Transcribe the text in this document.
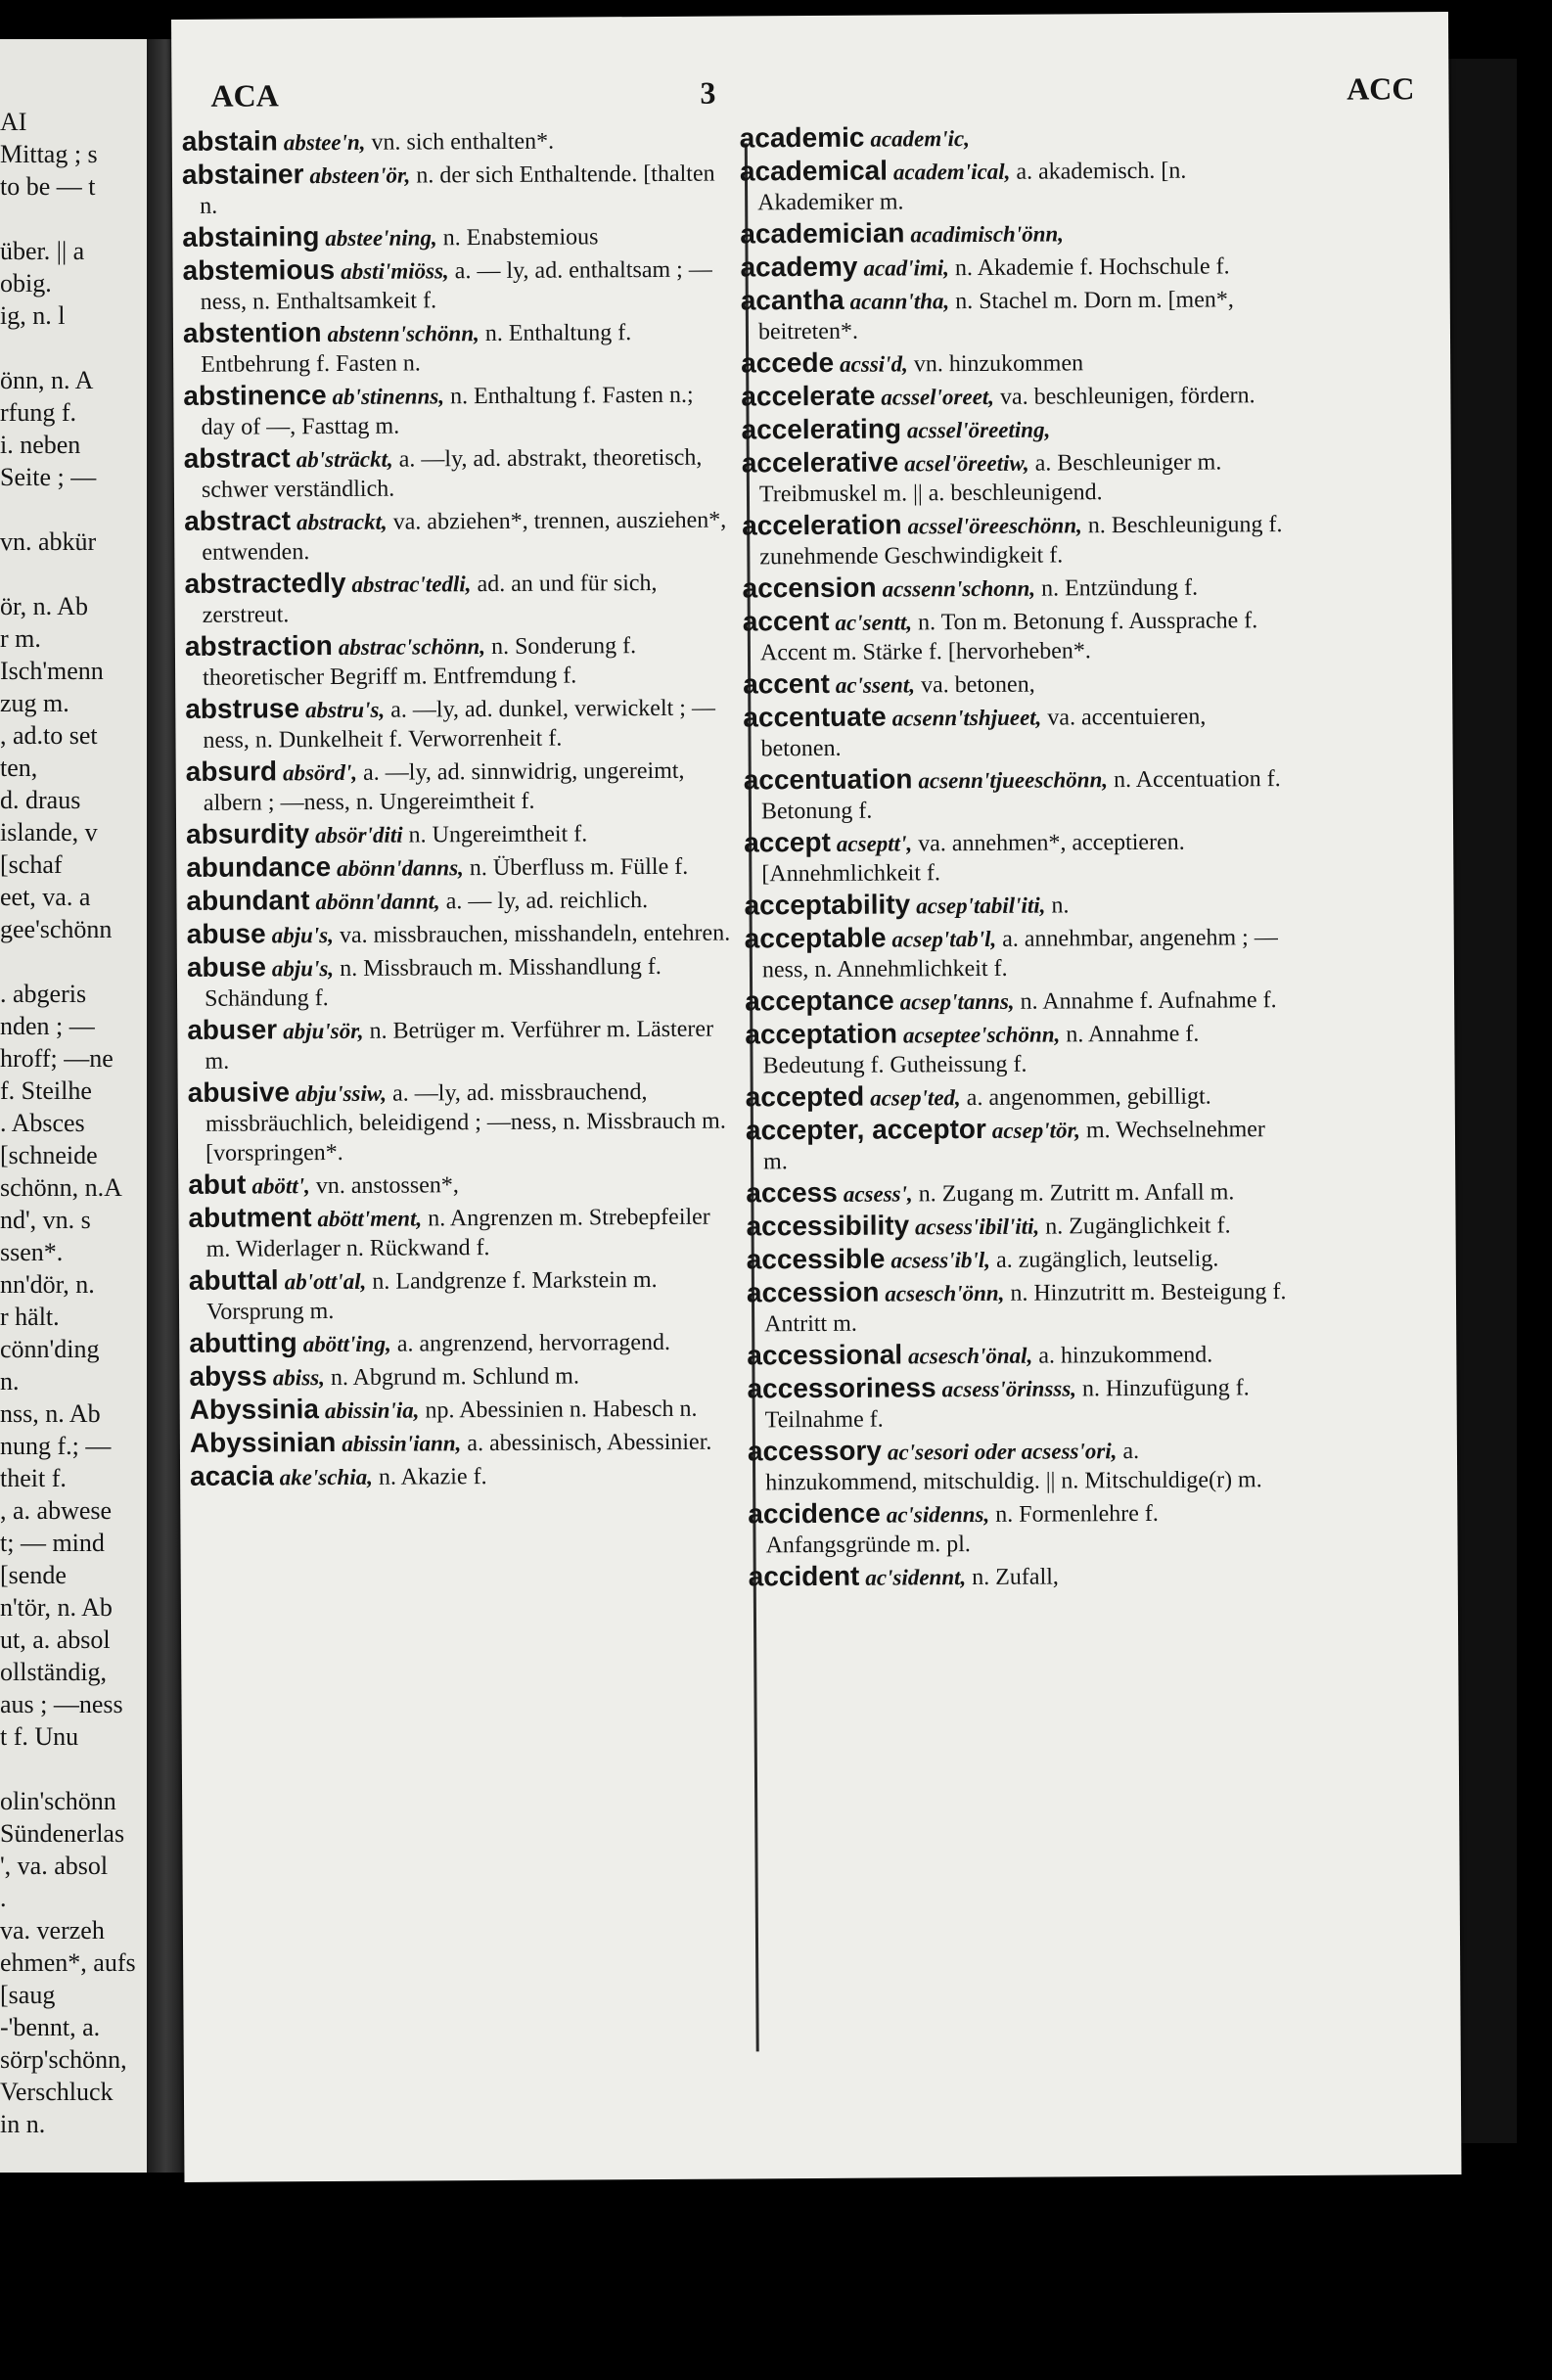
AI
Mittag ; s
to be — t
über. || a
obig.
ig, n. l
önn, n. A
rfung f.
i. neben
Seite ; —
vn. abkür
ör, n. Ab
r m.
Isch'menn
zug m.
, ad.to set
ten,
d. draus
islande, v
[schaf
eet, va. a
gee'schönn
. abgeris
nden ; —
hroff; —ne
f. Steilhe
. Absces
[schneide
schönn, n.A
nd', vn. s
ssen*.
nn'dör, n.
r hält.
cönn'ding
n.
nss, n. Ab
nung f.; —
theit f.
, a. abwese
t; — mind
[sende
n'tör, n. Ab
ut, a. absol
ollständig,
aus ; —ness
t f. Unu
olin'schönn
Sündenerlas
', va. absol
.
va. verzeh
ehmen*, aufs
[saug
-'bennt, a.
sörp'schönn,
Verschluck
in n.
ACA	3	ACC
abstain abstee'n, vn. sich enthalten*.
abstainer absteen'ör, n. der sich Enthaltende. [thalten n.
abstaining abstee'ning, n. Enabstemious
abstemious absti'miöss, a. — ly, ad. enthaltsam ; —ness, n. Enthaltsamkeit f.
abstention abstenn'schönn, n. Enthaltung f. Entbehrung f. Fasten n.
abstinence ab'stinenns, n. Enthaltung f. Fasten n.; day of —, Fasttag m.
abstract ab'sträckt, a. —ly, ad. abstrakt, theoretisch, schwer verständlich.
abstract abstrackt, va. abziehen*, trennen, ausziehen*, entwenden.
abstractedly abstrac'tedli, ad. an und für sich, zerstreut.
abstraction abstrac'schönn, n. Sonderung f. theoretischer Begriff m. Entfremdung f.
abstruse abstru's, a. —ly, ad. dunkel, verwickelt ; —ness, n. Dunkelheit f. Verworrenheit f.
absurd absörd', a. —ly, ad. sinnwidrig, ungereimt, albern ; —ness, n. Ungereimtheit f.
absurdity absör'diti n. Ungereimtheit f.
abundance abönn'danns, n. Überfluss m. Fülle f.
abundant abönn'dannt, a. — ly, ad. reichlich.
abuse abju's, va. missbrauchen, misshandeln, entehren.
abuse abju's, n. Missbrauch m. Misshandlung f. Schändung f.
abuser abju'sör, n. Betrüger m. Verführer m. Lästerer m.
abusive abju'ssiw, a. —ly, ad. missbrauchend, missbräuchlich, beleidigend ; —ness, n. Missbrauch m. [vorspringen*.
abut abött', vn. anstossen*,
abutment abött'ment, n. Angrenzen m. Strebepfeiler m. Widerlager n. Rückwand f.
abuttal ab'ott'al, n. Landgrenze f. Markstein m. Vorsprung m.
abutting abött'ing, a. angrenzend, hervorragend.
abyss abiss, n. Abgrund m. Schlund m.
Abyssinia abissin'ia, np. Abessinien n. Habesch n.
Abyssinian abissin'iann, a. abessinisch, Abessinier.
acacia ake'schia, n. Akazie f.
academic academ'ic,
academical academ'ical, a. akademisch. [n. Akademiker m.
academician acadimisch'önn,
academy acad'imi, n. Akademie f. Hochschule f.
acantha acann'tha, n. Stachel m. Dorn m. [men*, beitreten*.
accede acssi'd, vn. hinzukommen
accelerate acssel'oreet, va. beschleunigen, fördern.
accelerating acssel'öreeting,
accelerative acsel'öreetiw, a. Beschleuniger m. Treibmuskel m. || a. beschleunigend.
acceleration acssel'öreeschönn, n. Beschleunigung f. zunehmende Geschwindigkeit f.
accension acssenn'schonn, n. Entzündung f.
accent ac'sentt, n. Ton m. Betonung f. Aussprache f. Accent m. Stärke f. [hervorheben*.
accent ac'ssent, va. betonen,
accentuate acsenn'tshjueet, va. accentuieren, betonen.
accentuation acsenn'tjueeschönn, n. Accentuation f. Betonung f.
accept acseptt', va. annehmen*, acceptieren. [Annehmlichkeit f.
acceptability acsep'tabil'iti, n.
acceptable acsep'tab'l, a. annehmbar, angenehm ; — ness, n. Annehmlichkeit f.
acceptance acsep'tanns, n. Annahme f. Aufnahme f.
acceptation acseptee'schönn, n. Annahme f. Bedeutung f. Gutheissung f.
accepted acsep'ted, a. angenommen, gebilligt.
accepter, acceptor acsep'tör, m. Wechselnehmer m.
access acsess', n. Zugang m. Zutritt m. Anfall m.
accessibility acsess'ibil'iti, n. Zugänglichkeit f.
accessible acsess'ib'l, a. zugänglich, leutselig.
accession acsesch'önn, n. Hinzutritt m. Besteigung f. Antritt m.
accessional acsesch'önal, a. hinzukommend.
accessoriness acsess'örinsss, n. Hinzufügung f. Teilnahme f.
accessory ac'sesori oder acsess'ori, a. hinzukommend, mitschuldig. || n. Mitschuldige(r) m.
accidence ac'sidenns, n. Formenlehre f. Anfangsgründe m. pl.
accident ac'sidennt, n. Zufall,
